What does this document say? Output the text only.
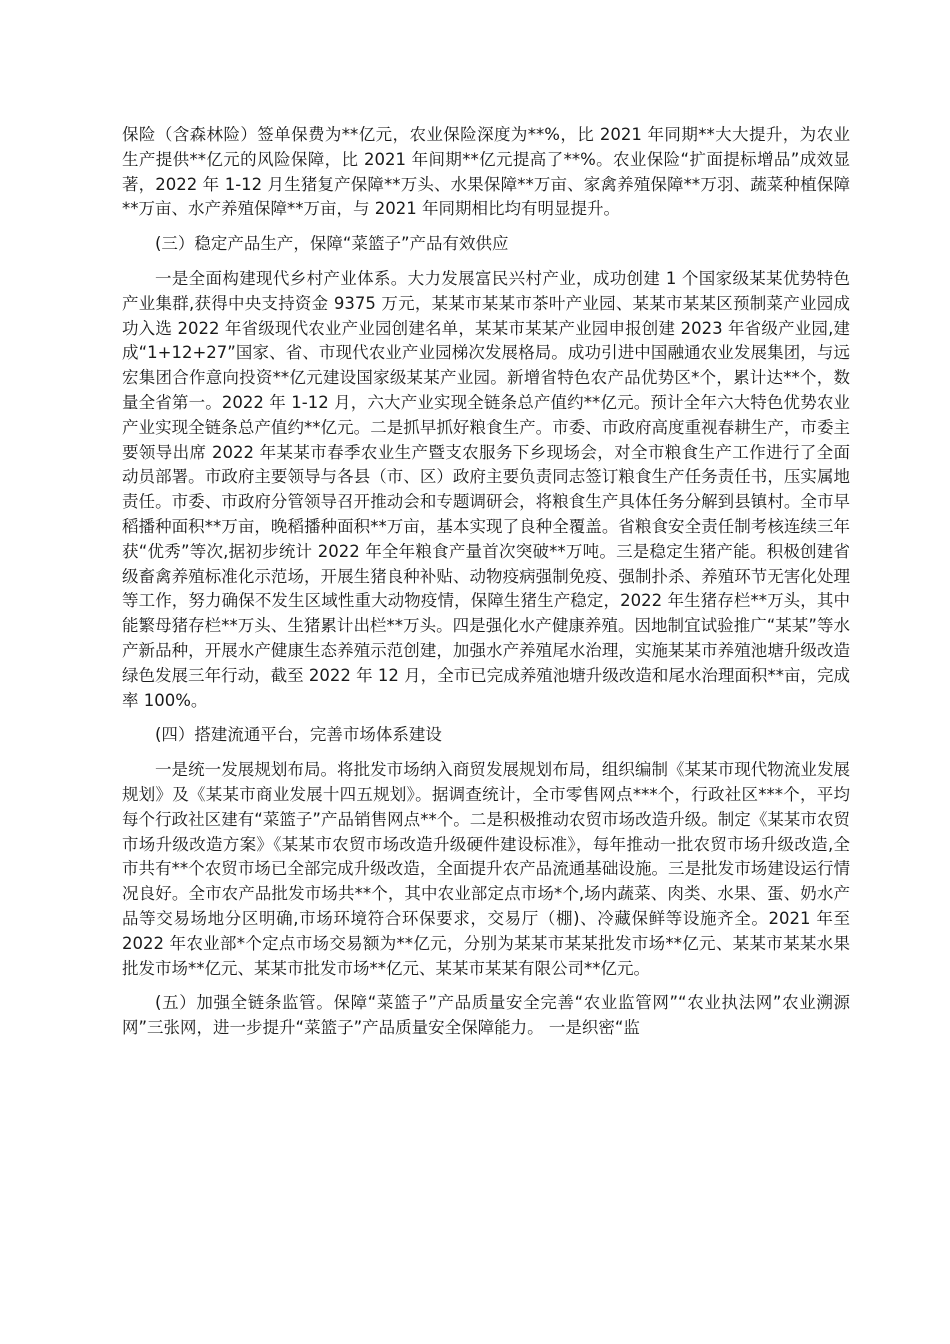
保险（含森林险）签单保费为**亿元，农业保险深度为**%，比 2021 年同期**大大提升，为农业生产提供**亿元的风险保障，比 2021 年间期**亿元提高了**%。农业保险“扩面提标增品”成效显著，2022 年 1-12 月生猪复产保障**万头、水果保障**万亩、家禽养殖保障**万羽、蔬菜种植保障**万亩、水产养殖保障**万亩，与 2021 年同期相比均有明显提升。

(三）稳定产品生产，保障“菜篮子”产品有效供应

一是全面构建现代乡村产业体系。大力发展富民兴村产业，成功创建 1 个国家级某某优势特色产业集群,获得中央支持资金 9375 万元，某某市某某市茶叶产业园、某某市某某区预制菜产业园成功入选 2022 年省级现代农业产业园创建名单，某某市某某产业园申报创建 2023 年省级产业园,建成“1+12+27”国家、省、市现代农业产业园梯次发展格局。成功引进中国融通农业发展集团，与远宏集团合作意向投资**亿元建设国家级某某产业园。新增省特色农产品优势区*个，累计达**个，数量全省第一。2022 年 1-12 月，六大产业实现全链条总产值约**亿元。预计全年六大特色优势农业产业实现全链条总产值约**亿元。二是抓早抓好粮食生产。市委、市政府高度重视春耕生产，市委主要领导出席 2022 年某某市春季农业生产暨支农服务下乡现场会，对全市粮食生产工作进行了全面动员部署。市政府主要领导与各县（市、区）政府主要负责同志签订粮食生产任务责任书，压实属地责任。市委、市政府分管领导召开推动会和专题调研会，将粮食生产具体任务分解到县镇村。全市早稻播种面积**万亩，晚稻播种面积**万亩，基本实现了良种全覆盖。省粮食安全责任制考核连续三年获“优秀”等次,据初步统计 2022 年全年粮食产量首次突破**万吨。三是稳定生猪产能。积极创建省级畜禽养殖标准化示范场，开展生猪良种补贴、动物疫病强制免疫、强制扑杀、养殖环节无害化处理等工作，努力确保不发生区域性重大动物疫情，保障生猪生产稳定，2022 年生猪存栏**万头，其中能繁母猪存栏**万头、生猪累计出栏**万头。四是强化水产健康养殖。因地制宜试验推广“某某”等水产新品种，开展水产健康生态养殖示范创建，加强水产养殖尾水治理，实施某某市养殖池塘升级改造绿色发展三年行动，截至 2022 年 12 月，全市已完成养殖池塘升级改造和尾水治理面积**亩，完成率 100%。

(四）搭建流通平台，完善市场体系建设

一是统一发展规划布局。将批发市场纳入商贸发展规划布局，组织编制《某某市现代物流业发展规划》及《某某市商业发展十四五规划》。据调查统计，全市零售网点***个，行政社区***个，平均每个行政社区建有“菜篮子”产品销售网点**个。二是积极推动农贸市场改造升级。制定《某某市农贸市场升级改造方案》《某某市农贸市场改造升级硬件建设标准》，每年推动一批农贸市场升级改造,全市共有**个农贸市场已全部完成升级改造，全面提升农产品流通基础设施。三是批发市场建设运行情况良好。全市农产品批发市场共**个，其中农业部定点市场*个,场内蔬菜、肉类、水果、蛋、奶水产品等交易场地分区明确,市场环境符合环保要求，交易厅（棚)、冷藏保鲜等设施齐全。2021 年至 2022 年农业部*个定点市场交易额为**亿元，分别为某某市某某批发市场**亿元、某某市某某水果批发市场**亿元、某某市批发市场**亿元、某某市某某有限公司**亿元。

(五）加强全链条监管。保障“菜篮子”产品质量安全完善“农业监管网”“农业执法网”农业溯源网”三张网，进一步提升“菜篮子”产品质量安全保障能力。 一是织密“监
